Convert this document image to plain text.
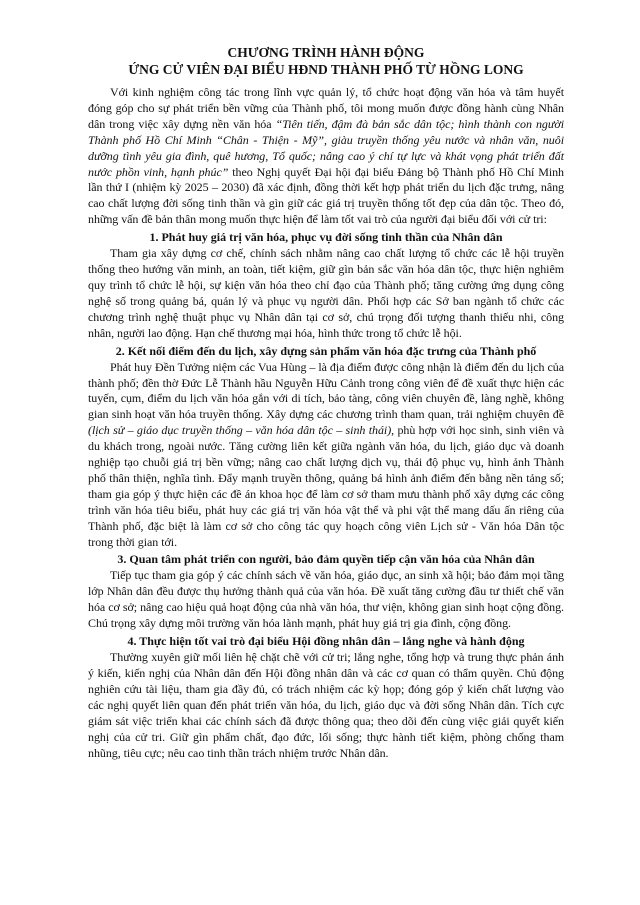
CHƯƠNG TRÌNH HÀNH ĐỘNG

ỨNG CỬ VIÊN ĐẠI BIỂU HĐND THÀNH PHỐ TỪ HỒNG LONG

Với kinh nghiệm công tác trong lĩnh vực quản lý, tổ chức hoạt động văn hóa và tâm huyết đóng góp cho sự phát triển bền vững của Thành phố, tôi mong muốn được đồng hành cùng Nhân dân trong việc xây dựng nền văn hóa “Tiên tiến, đậm đà bản sắc dân tộc; hình thành con người Thành phố Hồ Chí Minh “Chân - Thiện - Mỹ”, giàu truyền thống yêu nước và nhân văn, nuôi dưỡng tình yêu gia đình, quê hương, Tổ quốc; nâng cao ý chí tự lực và khát vọng phát triển đất nước phồn vinh, hạnh phúc” theo Nghị quyết Đại hội đại biểu Đảng bộ Thành phố Hồ Chí Minh lần thứ I (nhiệm kỳ 2025 – 2030) đã xác định, đồng thời kết hợp phát triển du lịch đặc trưng, nâng cao chất lượng đời sống tinh thần và gìn giữ các giá trị truyền thống tốt đẹp của dân tộc. Theo đó, những vấn đề bản thân mong muốn thực hiện để làm tốt vai trò của người đại biểu đối với cử tri:

1. Phát huy giá trị văn hóa, phục vụ đời sống tinh thần của Nhân dân

Tham gia xây dựng cơ chế, chính sách nhằm nâng cao chất lượng tổ chức các lễ hội truyền thống theo hướng văn minh, an toàn, tiết kiệm, giữ gìn bản sắc văn hóa dân tộc, thực hiện nghiêm quy trình tổ chức lễ hội, sự kiện văn hóa theo chỉ đạo của Thành phố; tăng cường ứng dụng công nghệ số trong quảng bá, quản lý và phục vụ người dân. Phối hợp các Sở ban ngành tổ chức các chương trình nghệ thuật phục vụ Nhân dân tại cơ sở, chú trọng đối tượng thanh thiếu nhi, công nhân, người lao động. Hạn chế thương mại hóa, hình thức trong tổ chức lễ hội.

2. Kết nối điểm đến du lịch, xây dựng sản phẩm văn hóa đặc trưng của Thành phố

Phát huy Đền Tưởng niệm các Vua Hùng – là địa điểm được công nhận là điểm đến du lịch của thành phố; đền thờ Đức Lễ Thành hầu Nguyễn Hữu Cảnh trong công viên để đề xuất thực hiện các tuyến, cụm, điểm du lịch văn hóa gắn với di tích, bảo tàng, công viên chuyên đề, làng nghề, không gian sinh hoạt văn hóa truyền thống. Xây dựng các chương trình tham quan, trải nghiệm chuyên đề (lịch sử – giáo dục truyền thống – văn hóa dân tộc – sinh thái), phù hợp với học sinh, sinh viên và du khách trong, ngoài nước. Tăng cường liên kết giữa ngành văn hóa, du lịch, giáo dục và doanh nghiệp tạo chuỗi giá trị bền vững; nâng cao chất lượng dịch vụ, thái độ phục vụ, hình ảnh Thành phố thân thiện, nghĩa tình. Đẩy mạnh truyền thông, quảng bá hình ảnh điểm đến bằng nền tảng số; tham gia góp ý thực hiện các đề án khoa học để làm cơ sở tham mưu thành phố xây dựng các công trình văn hóa tiêu biểu, phát huy các giá trị văn hóa vật thể và phi vật thể mang dấu ấn riêng của Thành phố, đặc biệt là làm cơ sở cho công tác quy hoạch công viên Lịch sử - Văn hóa Dân tộc trong thời gian tới.

3. Quan tâm phát triển con người, bảo đảm quyền tiếp cận văn hóa của Nhân dân

Tiếp tục tham gia góp ý các chính sách về văn hóa, giáo dục, an sinh xã hội; bảo đảm mọi tầng lớp Nhân dân đều được thụ hưởng thành quả của văn hóa. Đề xuất tăng cường đầu tư thiết chế văn hóa cơ sở; nâng cao hiệu quả hoạt động của nhà văn hóa, thư viện, không gian sinh hoạt cộng đồng. Chú trọng xây dựng môi trường văn hóa lành mạnh, phát huy giá trị gia đình, cộng đồng.

4. Thực hiện tốt vai trò đại biểu Hội đồng nhân dân – lắng nghe và hành động

Thường xuyên giữ mối liên hệ chặt chẽ với cử tri; lắng nghe, tổng hợp và trung thực phản ánh ý kiến, kiến nghị của Nhân dân đến Hội đồng nhân dân và các cơ quan có thẩm quyền. Chủ động nghiên cứu tài liệu, tham gia đầy đủ, có trách nhiệm các kỳ họp; đóng góp ý kiến chất lượng vào các nghị quyết liên quan đến phát triển văn hóa, du lịch, giáo dục và đời sống Nhân dân. Tích cực giám sát việc triển khai các chính sách đã được thông qua; theo dõi đến cùng việc giải quyết kiến nghị của cử tri. Giữ gìn phẩm chất, đạo đức, lối sống; thực hành tiết kiệm, phòng chống tham nhũng, tiêu cực; nêu cao tinh thần trách nhiệm trước Nhân dân.
